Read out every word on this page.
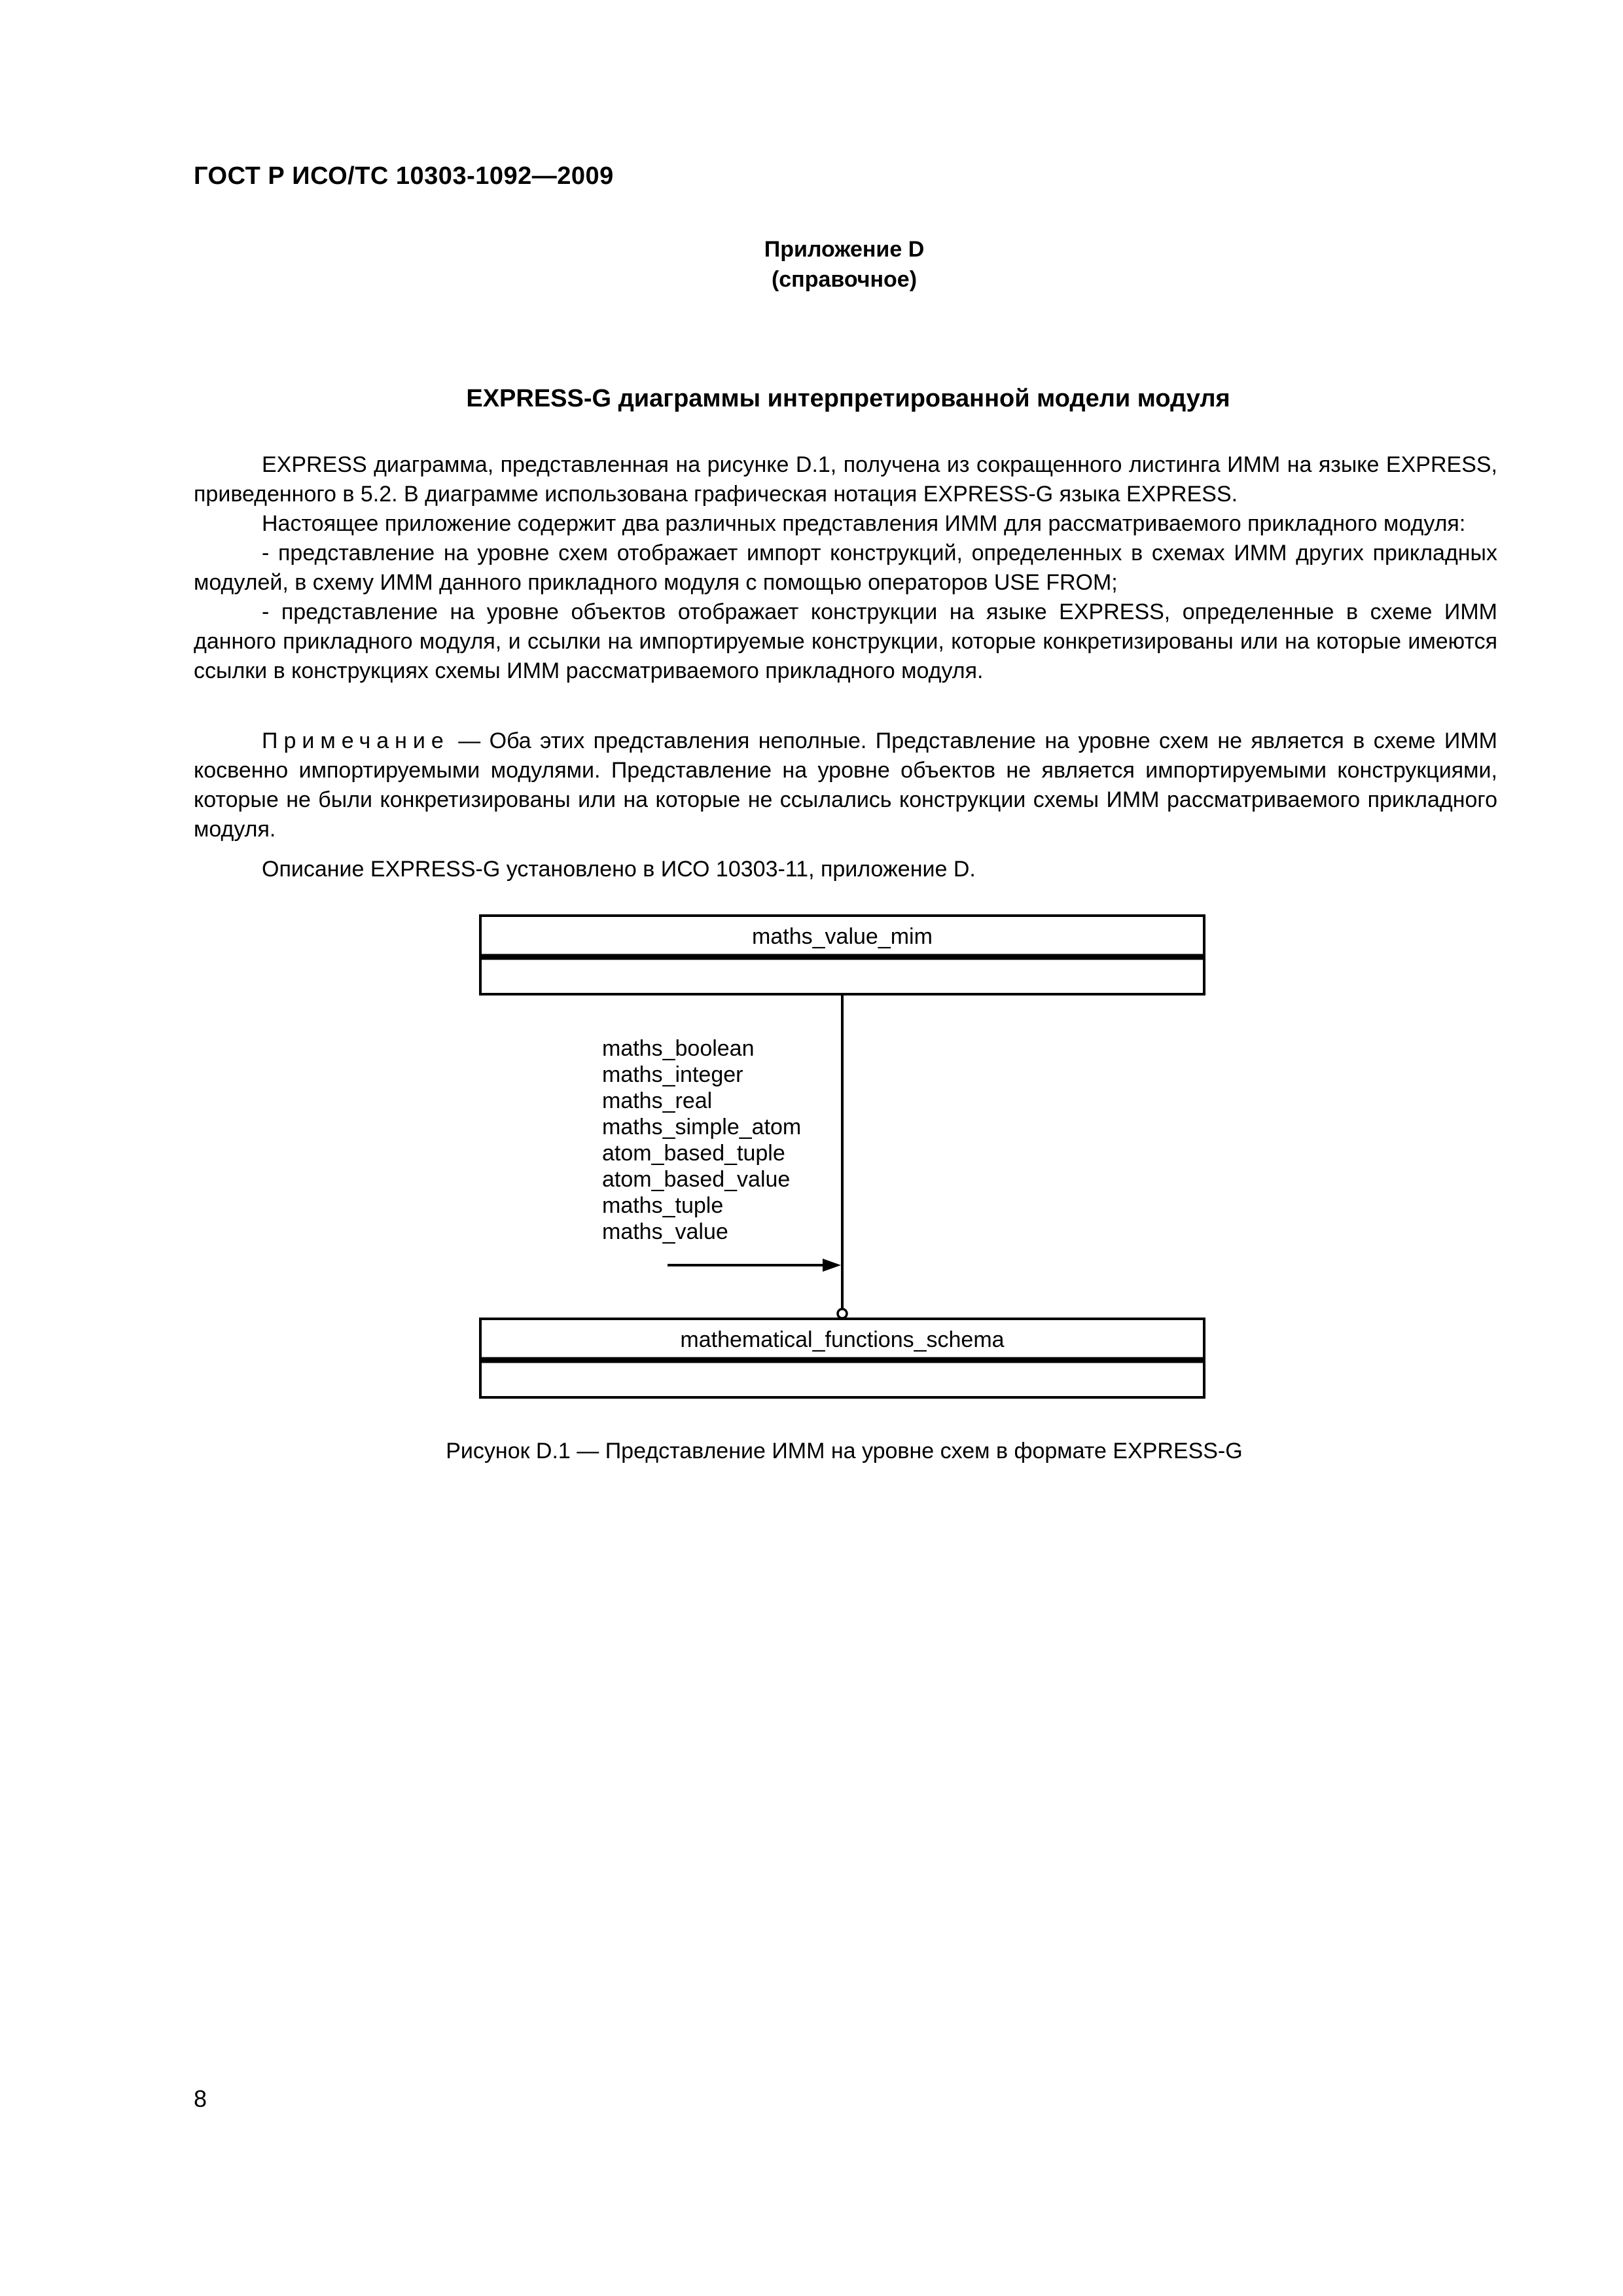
ГОСТ Р ИСО/ТС 10303-1092—2009
Приложение D
(справочное)
EXPRESS-G диаграммы интерпретированной модели модуля

EXPRESS диаграмма, представленная на рисунке D.1, получена из сокращенного листинга ИММ на языке EXPRESS, приведенного в 5.2. В диаграмме использована графическая нотация EXPRESS-G языка EXPRESS.

Настоящее приложение содержит два различных представления ИММ для рассматриваемого прикладного модуля:

- представление на уровне схем отображает импорт конструкций, определенных в схемах ИММ других прикладных модулей, в схему ИММ данного прикладного модуля с помощью операторов USE FROM;

- представление на уровне объектов отображает конструкции на языке EXPRESS, определенные в схеме ИММ данного прикладного модуля, и ссылки на импортируемые конструкции, которые конкретизированы или на которые имеются ссылки в конструкциях схемы ИММ рассматриваемого прикладного модуля.

Примечание — Оба этих представления неполные. Представление на уровне схем не является в схеме ИММ косвенно импортируемыми модулями. Представление на уровне объектов не является импортируемыми конструкциями, которые не были конкретизированы или на которые не ссылались конструкции схемы ИММ рассматриваемого прикладного модуля.

Описание EXPRESS-G установлено в ИСО 10303-11, приложение D.

maths_value_mim
maths_boolean
maths_integer
maths_real
maths_simple_atom
atom_based_tuple
atom_based_value
maths_tuple
maths_value
mathematical_functions_schema
Рисунок D.1 — Представление ИММ на уровне схем в формате EXPRESS-G
8
